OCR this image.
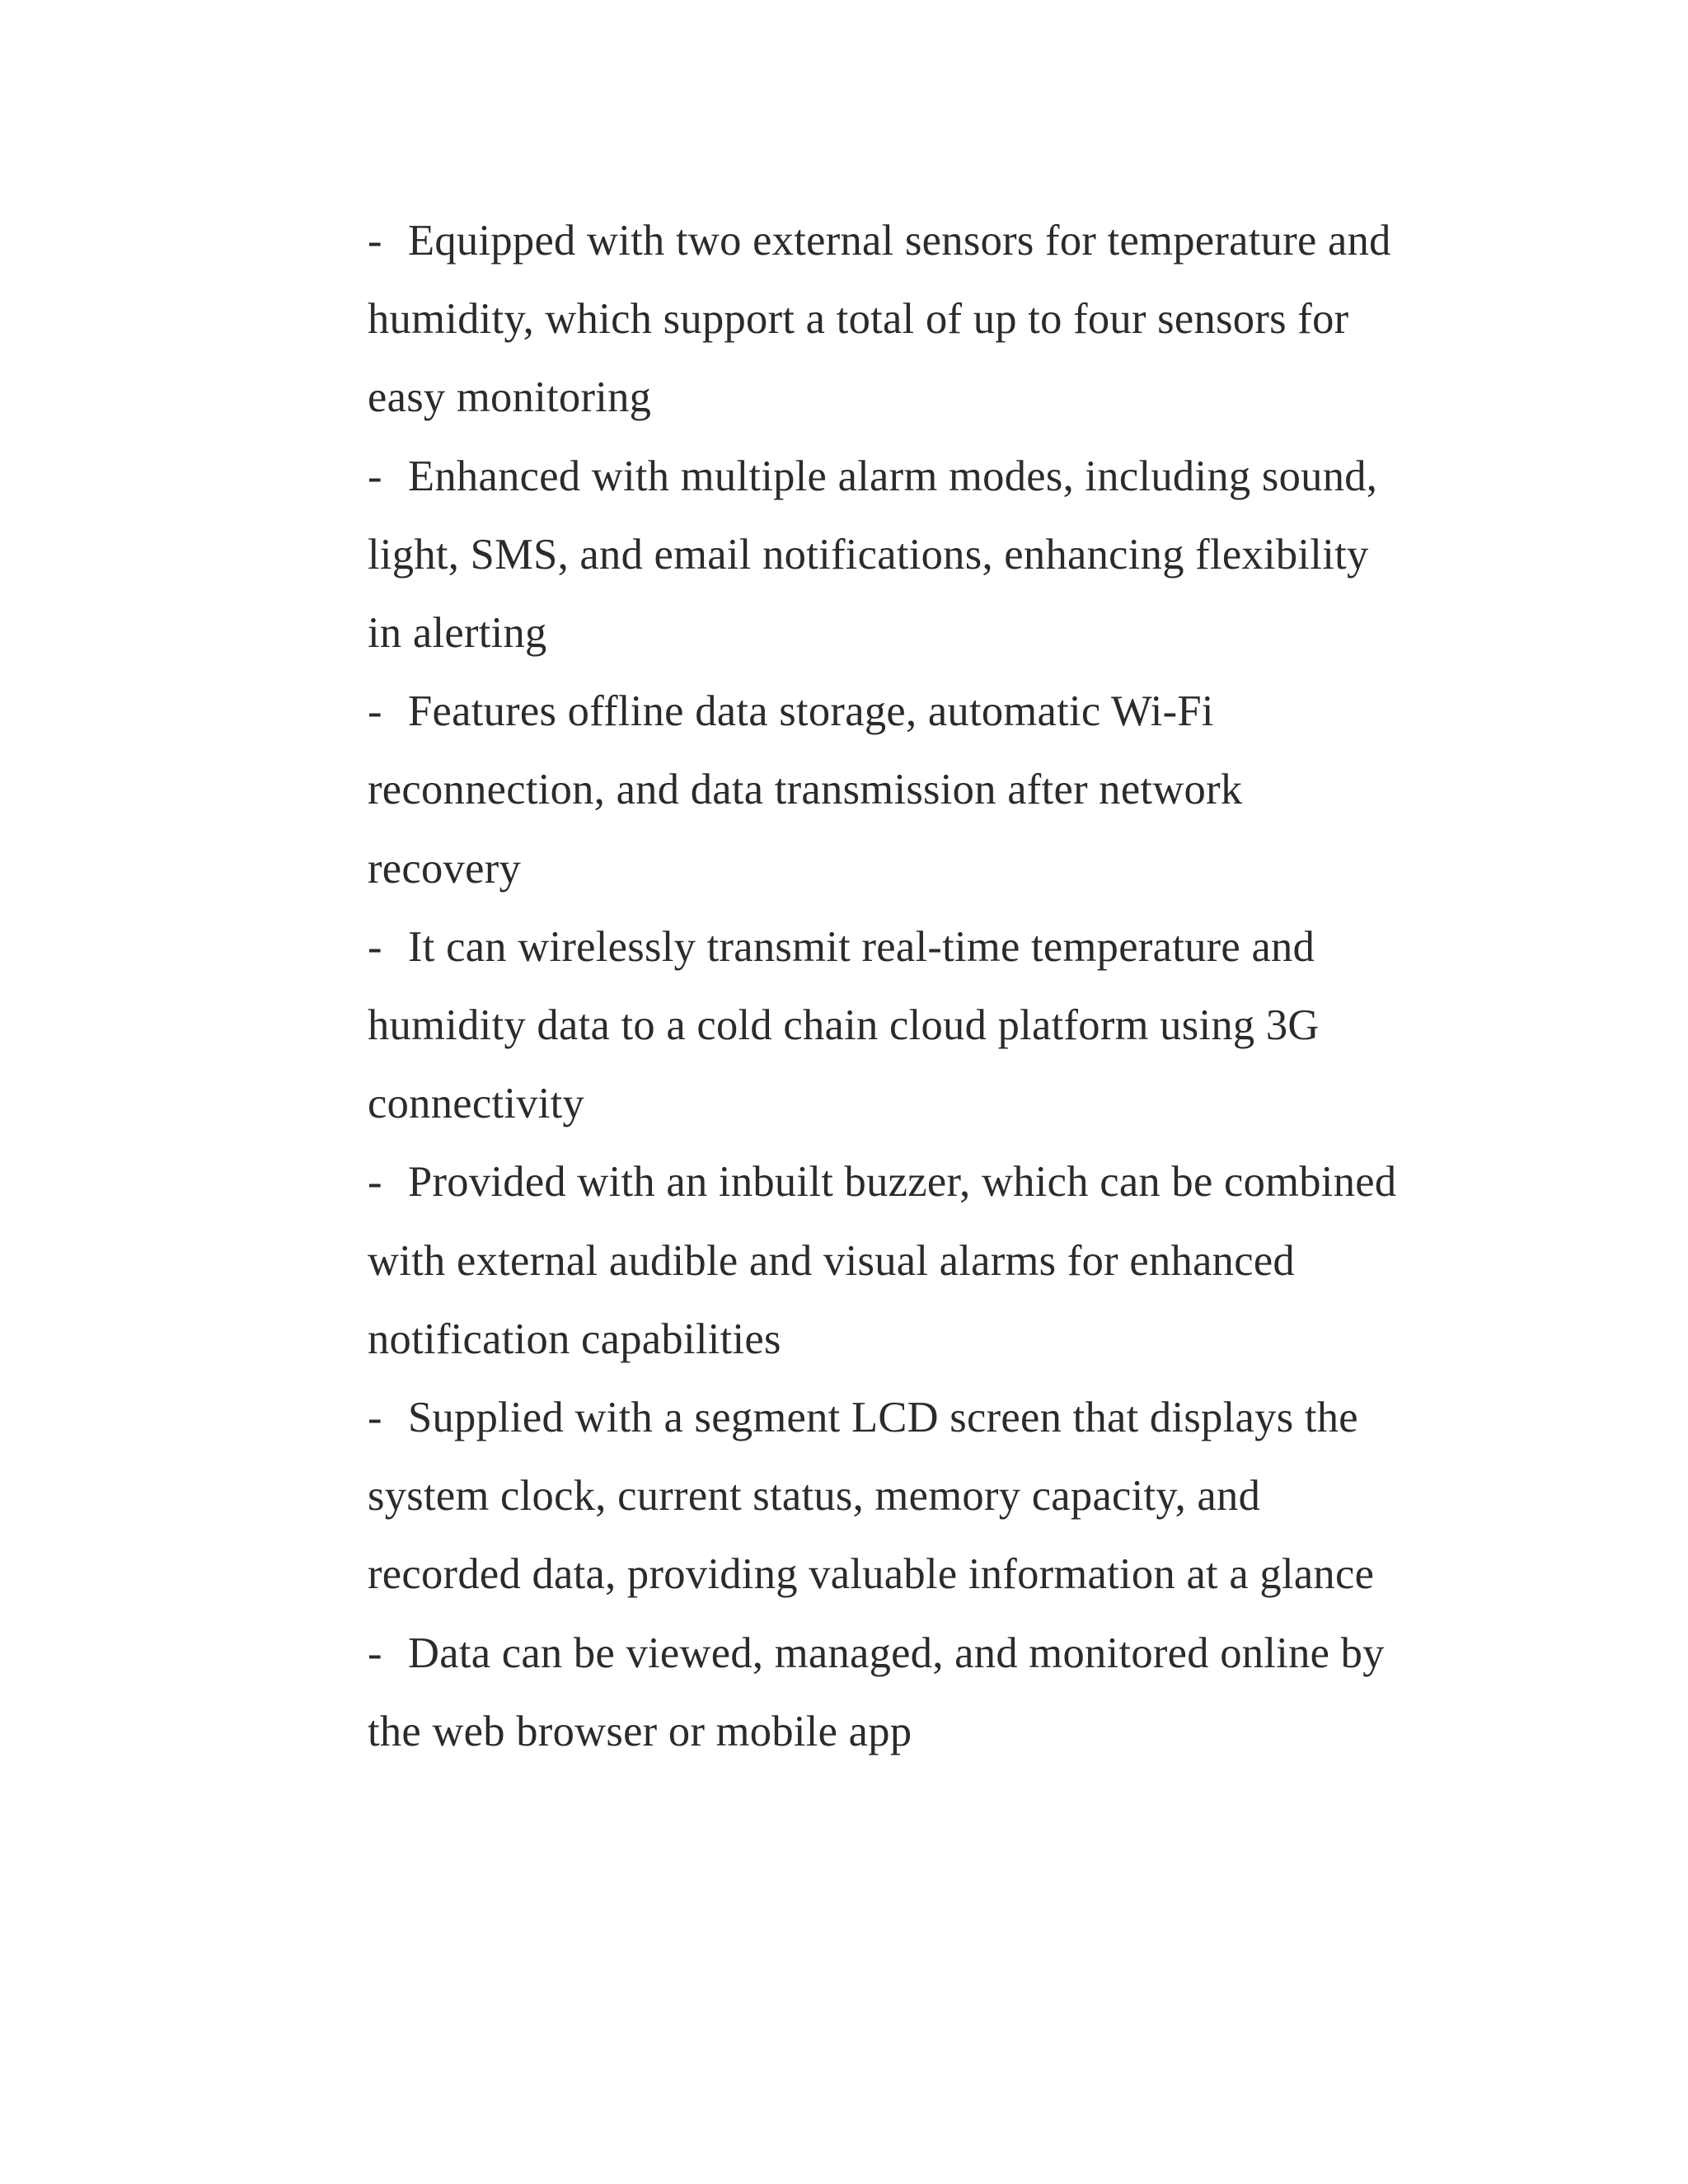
- Equipped with two external sensors for temperature and humidity, which support a total of up to four sensors for easy monitoring
- Enhanced with multiple alarm modes, including sound, light, SMS, and email notifications, enhancing flexibility in alerting
- Features offline data storage, automatic Wi-Fi reconnection, and data transmission after network recovery
- It can wirelessly transmit real-time temperature and humidity data to a cold chain cloud platform using 3G connectivity
- Provided with an inbuilt buzzer, which can be combined with external audible and visual alarms for enhanced notification capabilities
- Supplied with a segment LCD screen that displays the system clock, current status, memory capacity, and recorded data, providing valuable information at a glance
- Data can be viewed, managed, and monitored online by the web browser or mobile app
